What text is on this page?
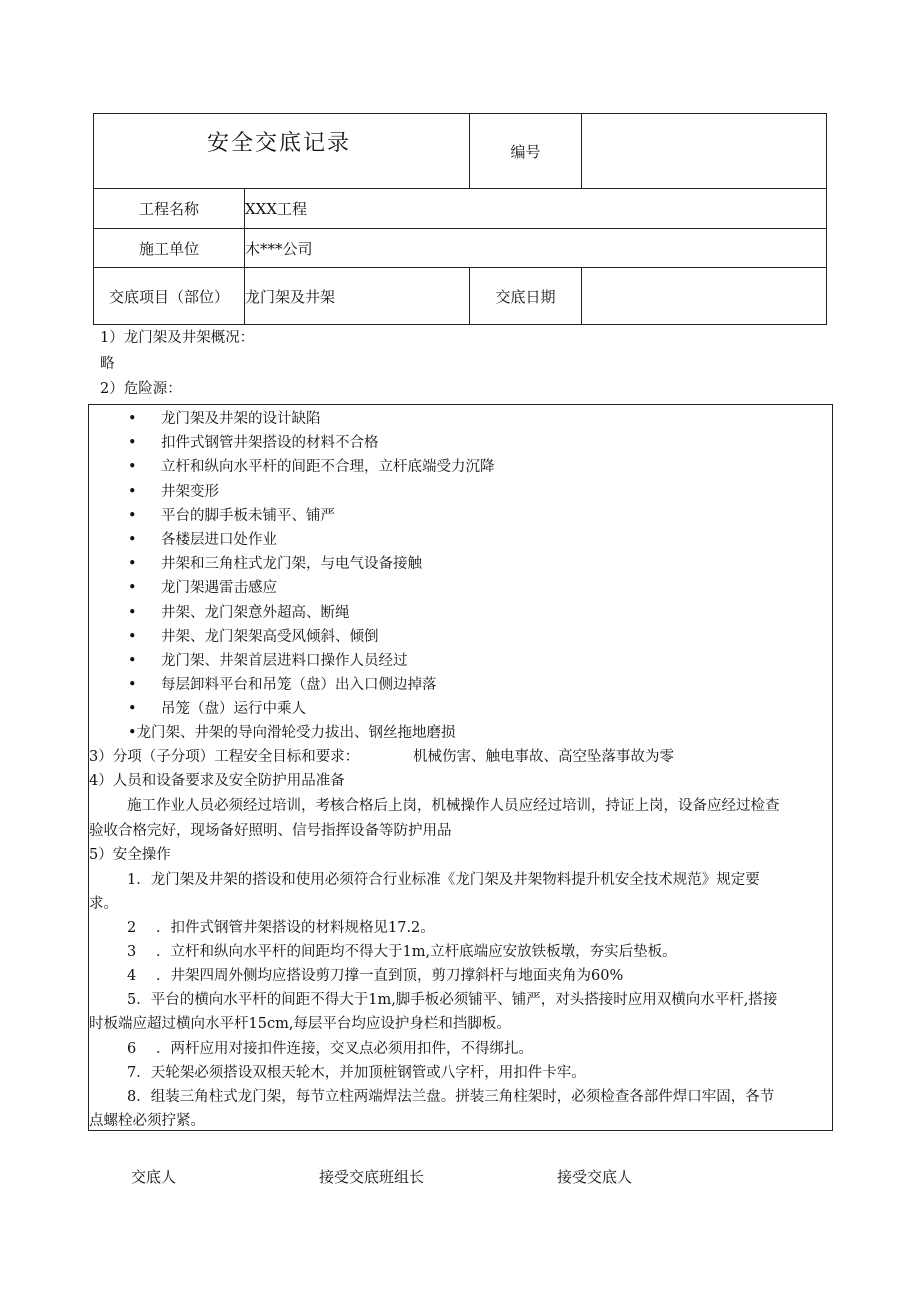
安全交底记录	编号
工程名称	XXX工程
施工单位	木***公司
交底项目（部位）	龙门架及井架	交底日期
1）龙门架及井架概况：
略
2）危险源：
• 龙门架及井架的设计缺陷
• 扣件式钢管井架搭设的材料不合格
• 立杆和纵向水平杆的间距不合理，立杆底端受力沉降
• 井架变形
• 平台的脚手板未铺平、铺严
• 各楼层进口处作业
• 井架和三角柱式龙门架，与电气设备接触
• 龙门架遇雷击感应
• 井架、龙门架意外超高、断绳
• 井架、龙门架架高受风倾斜、倾倒
• 龙门架、井架首层进料口操作人员经过
• 每层卸料平台和吊笼（盘）出入口侧边掉落
• 吊笼（盘）运行中乘人
•龙门架、井架的导向滑轮受力拔出、钢丝拖地磨损
3）分项（子分项）工程安全目标和要求：	机械伤害、触电事故、高空坠落事故为零
4）人员和设备要求及安全防护用品准备
施工作业人员必须经过培训，考核合格后上岗，机械操作人员应经过培训，持证上岗，设备应经过检查
验收合格完好，现场备好照明、信号指挥设备等防护用品
5）安全操作
1．龙门架及井架的搭设和使用必须符合行业标准《龙门架及井架物料提升机安全技术规范》规定要
求。
2 ．扣件式钢管井架搭设的材料规格见17.2。
3 ．立杆和纵向水平杆的间距均不得大于1m,立杆底端应安放铁板墩，夯实后垫板。
4 ．井架四周外侧均应搭设剪刀撑一直到顶，剪刀撑斜杆与地面夹角为60%
5．平台的横向水平杆的间距不得大于1m,脚手板必须铺平、铺严，对头搭接时应用双横向水平杆,搭接
时板端应超过横向水平杆15cm,每层平台均应设护身栏和挡脚板。
6 ．两杆应用对接扣件连接，交叉点必须用扣件，不得绑扎。
7．天轮架必须搭设双根天轮木，并加顶桩钢管或八字杆，用扣件卡牢。
8．组装三角柱式龙门架，每节立柱两端焊法兰盘。拼装三角柱架时，必须检查各部件焊口牢固，各节
点螺栓必须拧紧。
交底人	接受交底班组长	接受交底人
